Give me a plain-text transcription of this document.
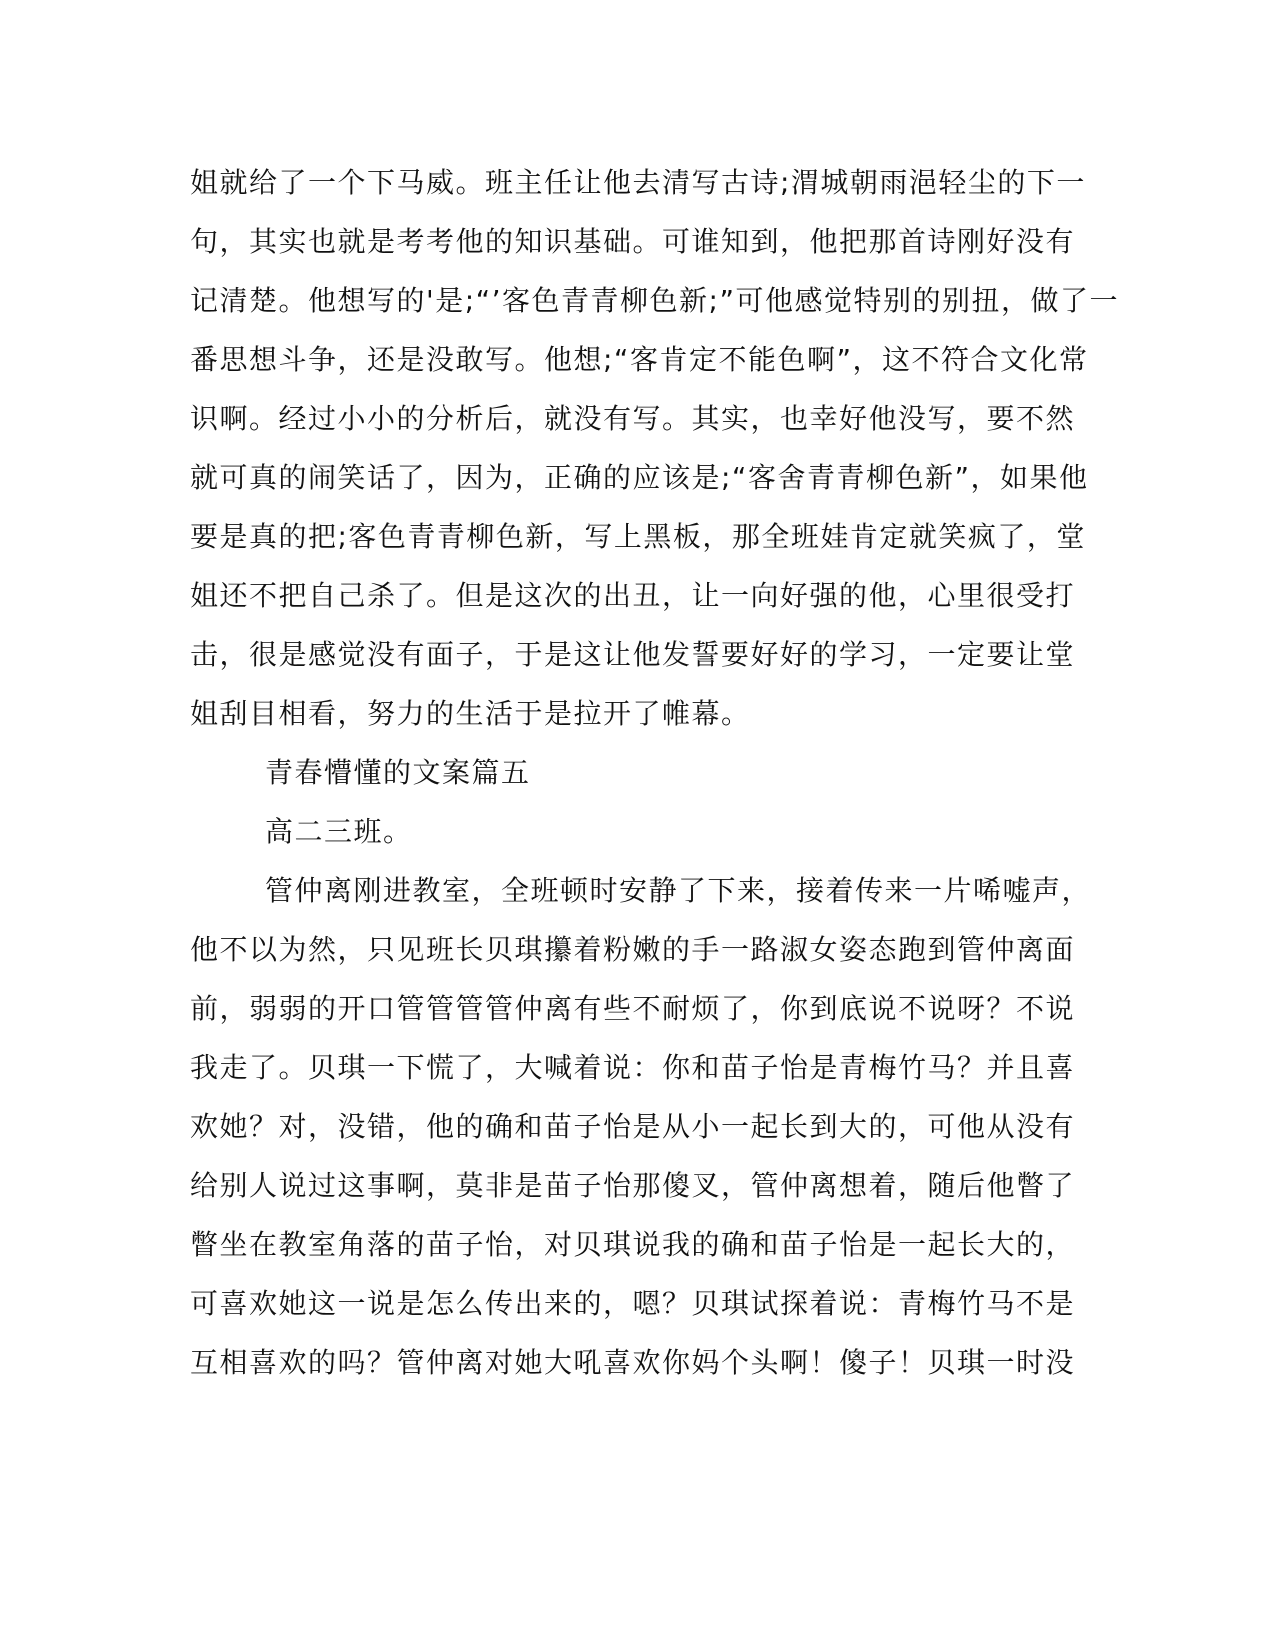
姐就给了一个下马威。班主任让他去清写古诗;渭城朝雨浥轻尘的下一
句，其实也就是考考他的知识基础。可谁知到，他把那首诗刚好没有
记清楚。他想写的'是;“’客色青青柳色新;”可他感觉特别的别扭，做了一
番思想斗争，还是没敢写。他想;“客肯定不能色啊”，这不符合文化常
识啊。经过小小的分析后，就没有写。其实，也幸好他没写，要不然
就可真的闹笑话了，因为，正确的应该是;“客舍青青柳色新”，如果他
要是真的把;客色青青柳色新，写上黑板，那全班娃肯定就笑疯了，堂
姐还不把自己杀了。但是这次的出丑，让一向好强的他，心里很受打
击，很是感觉没有面子，于是这让他发誓要好好的学习，一定要让堂
姐刮目相看，努力的生活于是拉开了帷幕。
青春懵懂的文案篇五
高二三班。
管仲离刚进教室，全班顿时安静了下来，接着传来一片唏嘘声，
他不以为然，只见班长贝琪攥着粉嫩的手一路淑女姿态跑到管仲离面
前，弱弱的开口管管管管仲离有些不耐烦了，你到底说不说呀？不说
我走了。贝琪一下慌了，大喊着说：你和苗子怡是青梅竹马？并且喜
欢她？对，没错，他的确和苗子怡是从小一起长到大的，可他从没有
给别人说过这事啊，莫非是苗子怡那傻叉，管仲离想着，随后他瞥了
瞥坐在教室角落的苗子怡，对贝琪说我的确和苗子怡是一起长大的，
可喜欢她这一说是怎么传出来的，嗯？贝琪试探着说：青梅竹马不是
互相喜欢的吗？管仲离对她大吼喜欢你妈个头啊！傻子！贝琪一时没
